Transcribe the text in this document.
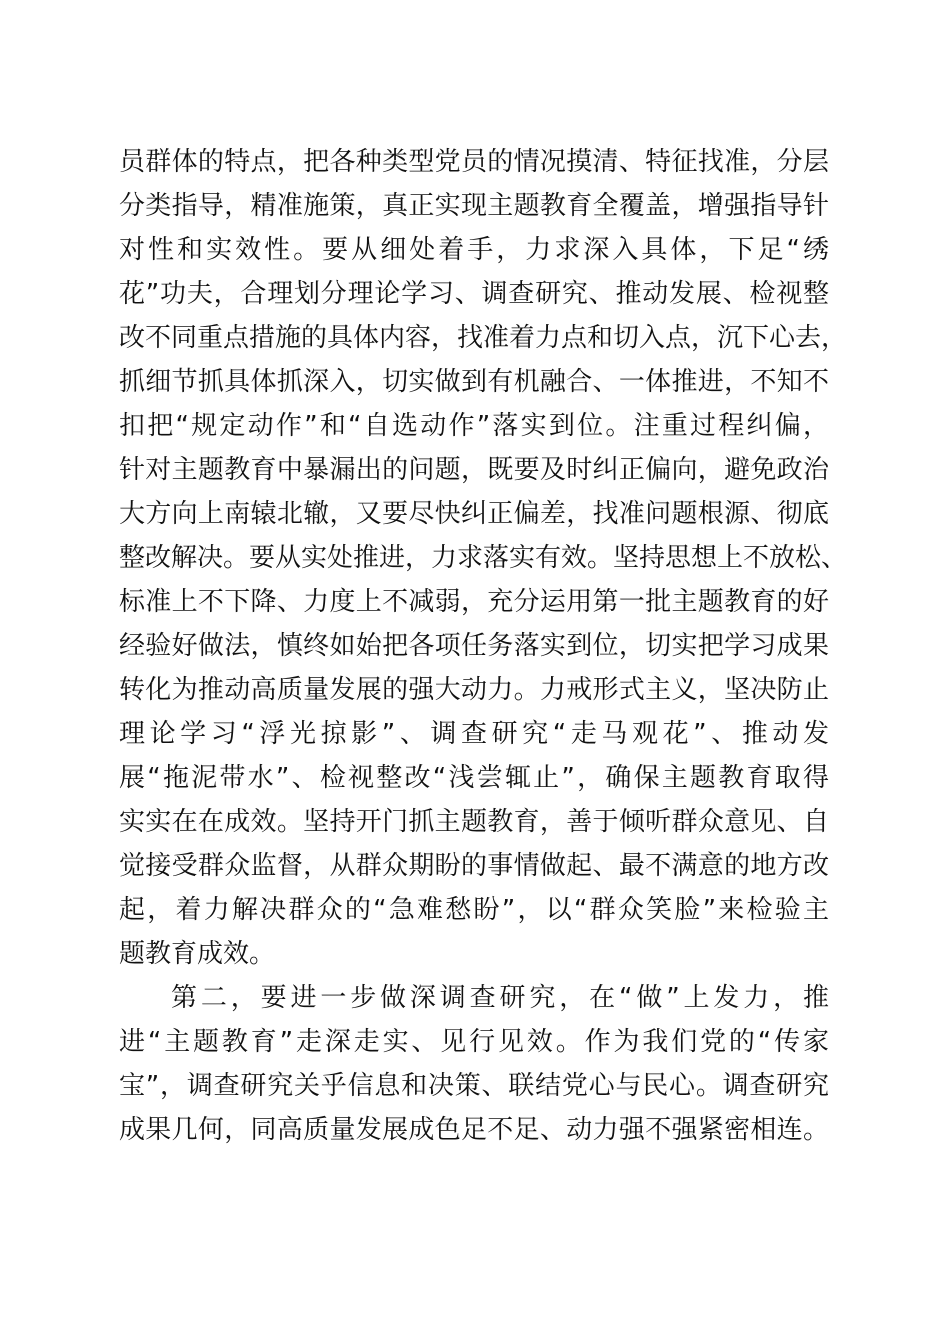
员群体的特点，把各种类型党员的情况摸清、特征找准，分层
分类指导，精准施策，真正实现主题教育全覆盖，增强指导针
对性和实效性。要从细处着手，力求深入具体，下足“绣
花”功夫，合理划分理论学习、调查研究、推动发展、检视整
改不同重点措施的具体内容，找准着力点和切入点，沉下心去，
抓细节抓具体抓深入，切实做到有机融合、一体推进，不知不
扣把“规定动作”和“自选动作”落实到位。注重过程纠偏，
针对主题教育中暴漏出的问题，既要及时纠正偏向，避免政治
大方向上南辕北辙，又要尽快纠正偏差，找准问题根源、彻底
整改解决。要从实处推进，力求落实有效。坚持思想上不放松、
标准上不下降、力度上不减弱，充分运用第一批主题教育的好
经验好做法，慎终如始把各项任务落实到位，切实把学习成果
转化为推动高质量发展的强大动力。力戒形式主义，坚决防止
理论学习“浮光掠影”、调查研究“走马观花”、推动发
展“拖泥带水”、检视整改“浅尝辄止”，确保主题教育取得
实实在在成效。坚持开门抓主题教育，善于倾听群众意见、自
觉接受群众监督，从群众期盼的事情做起、最不满意的地方改
起，着力解决群众的“急难愁盼”，以“群众笑脸”来检验主
题教育成效。
第二，要进一步做深调查研究，在“做”上发力，推
进“主题教育”走深走实、见行见效。作为我们党的“传家
宝”，调查研究关乎信息和决策、联结党心与民心。调查研究
成果几何，同高质量发展成色足不足、动力强不强紧密相连。
